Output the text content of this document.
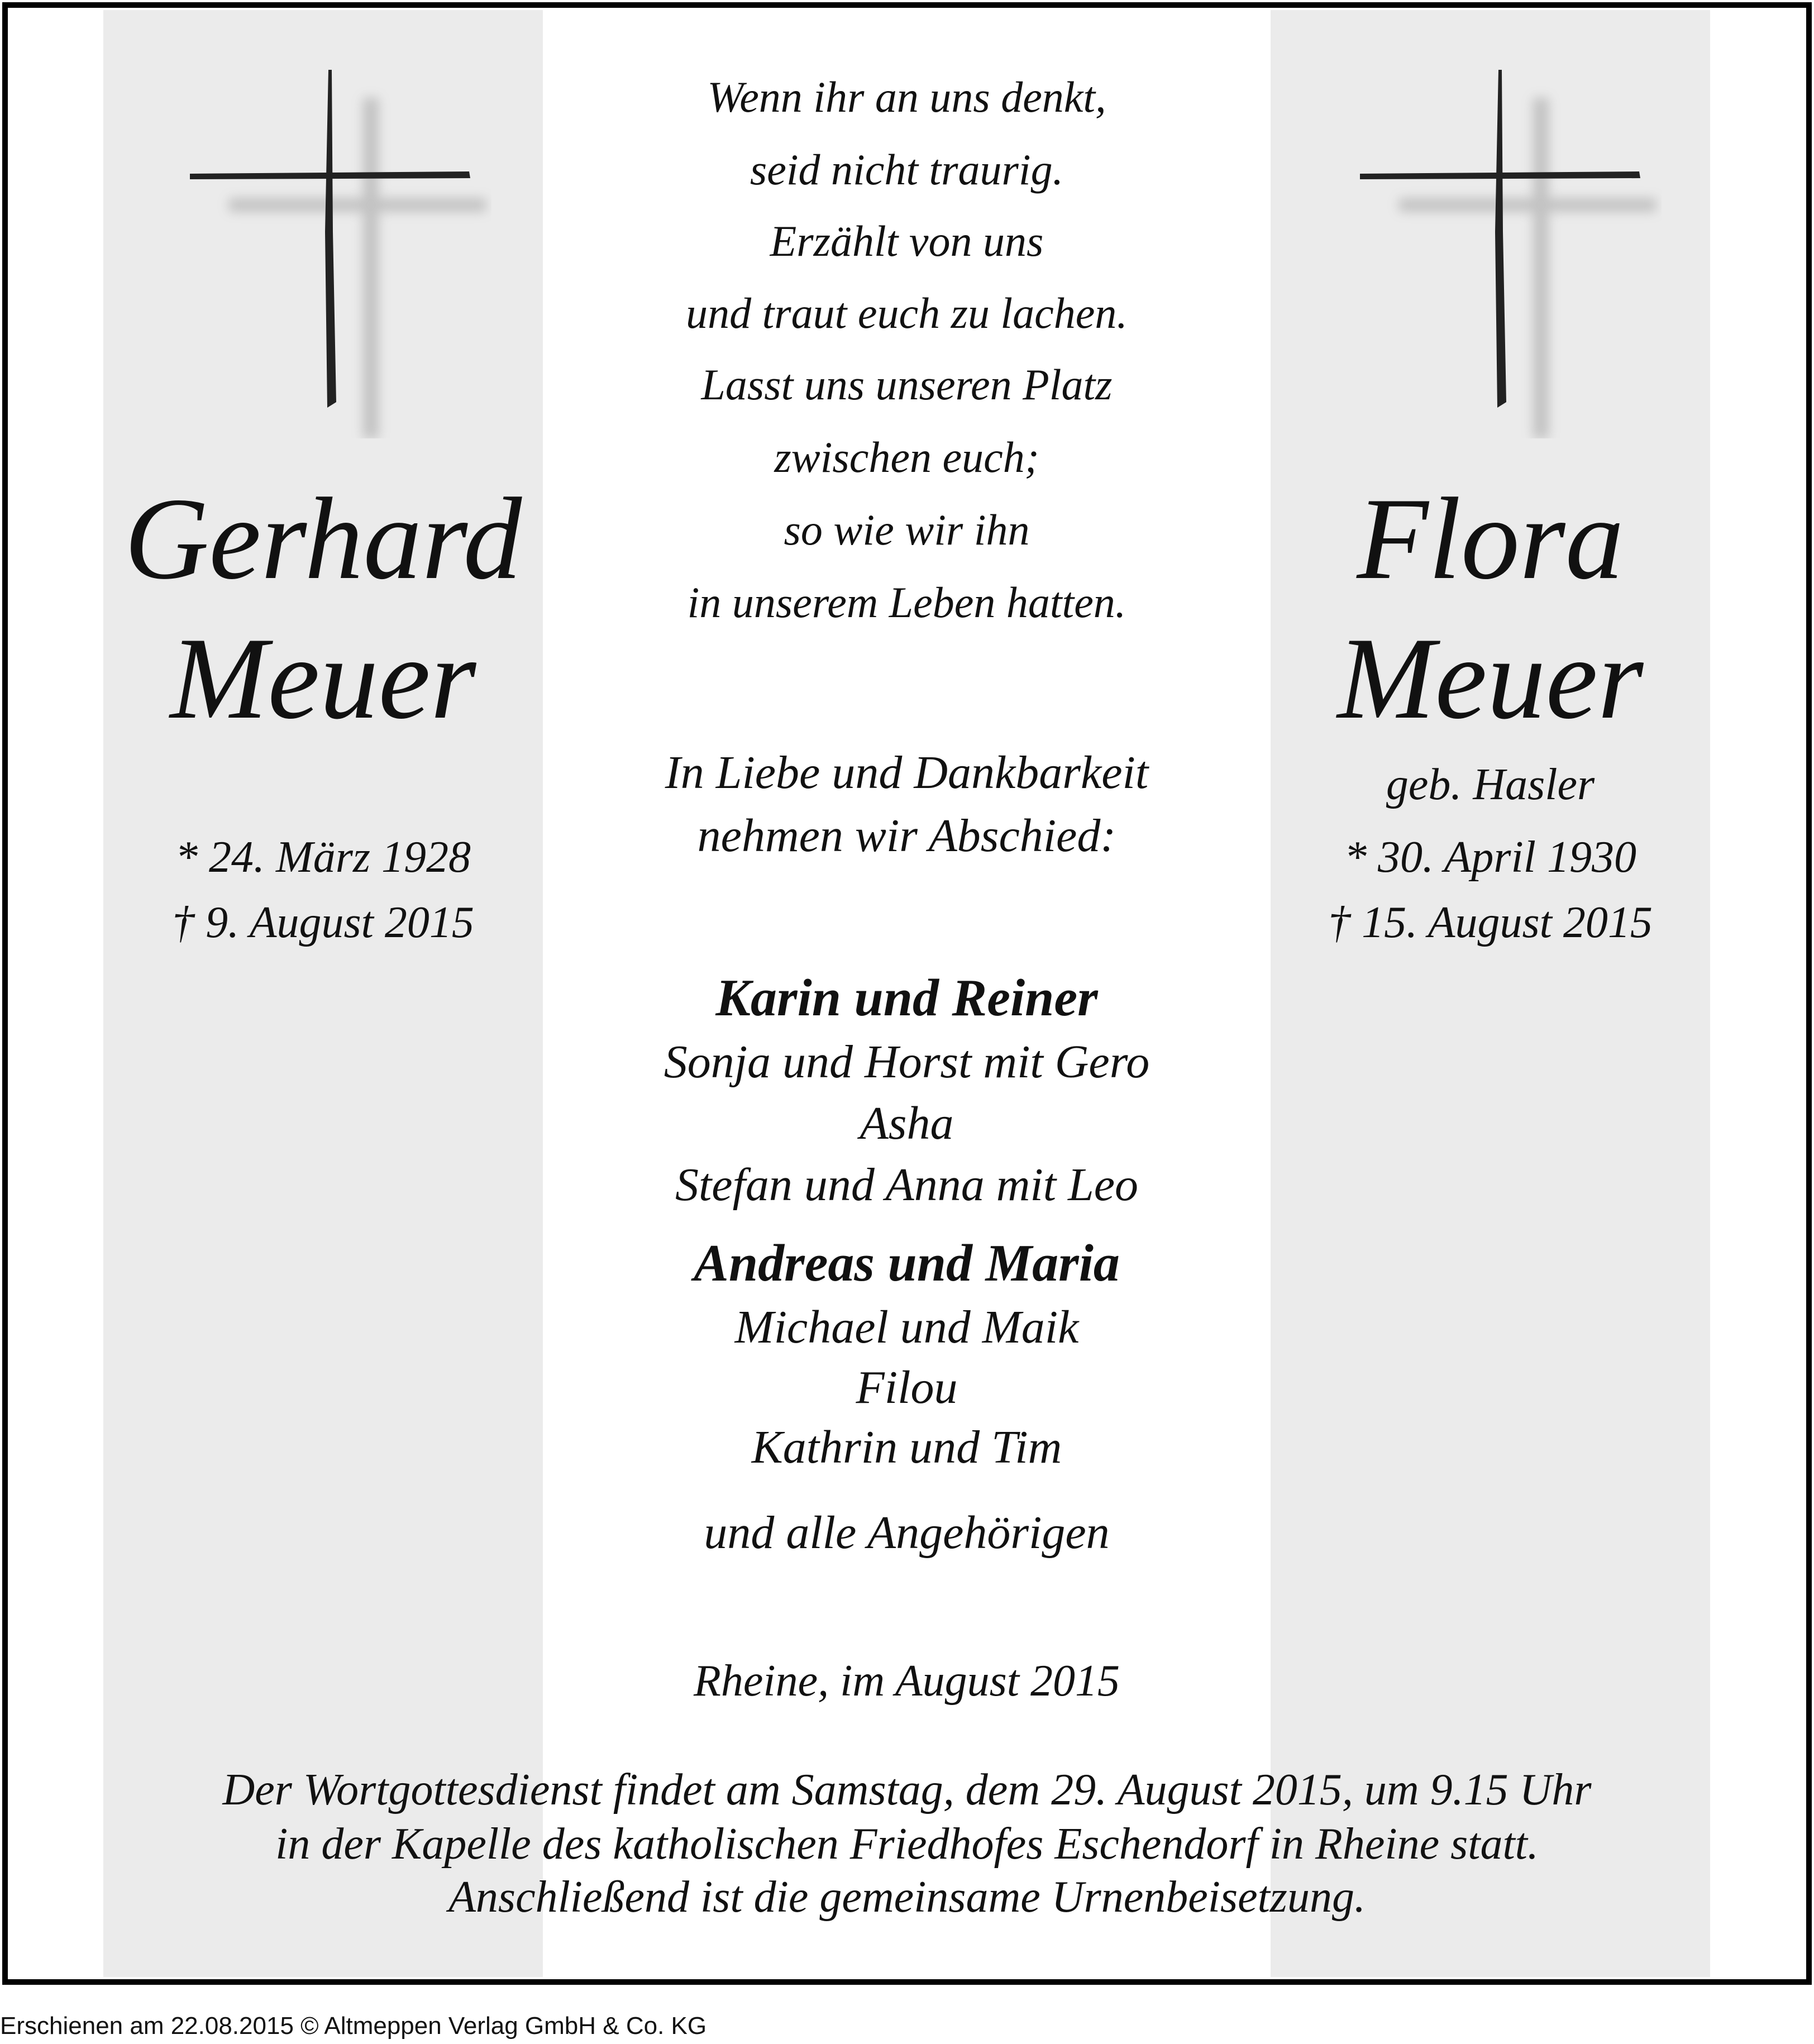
Gerhard
Meuer
* 24. März 1928
† 9. August 2015
Flora
Meuer
geb. Hasler
* 30. April 1930
† 15. August 2015
Wenn ihr an uns denkt,
seid nicht traurig.
Erzählt von uns
und traut euch zu lachen.
Lasst uns unseren Platz
zwischen euch;
so wie wir ihn
in unserem Leben hatten.
In Liebe und Dankbarkeit
nehmen wir Abschied:
Karin und Reiner
Sonja und Horst mit Gero
Asha
Stefan und Anna mit Leo
Andreas und Maria
Michael und Maik
Filou
Kathrin und Tim
und alle Angehörigen
Rheine, im August 2015
Der Wortgottesdienst findet am Samstag, dem 29. August 2015, um 9.15 Uhr
in der Kapelle des katholischen Friedhofes Eschendorf in Rheine statt.
Anschließend ist die gemeinsame Urnenbeisetzung.
Erschienen am 22.08.2015 © Altmeppen Verlag GmbH & Co. KG
